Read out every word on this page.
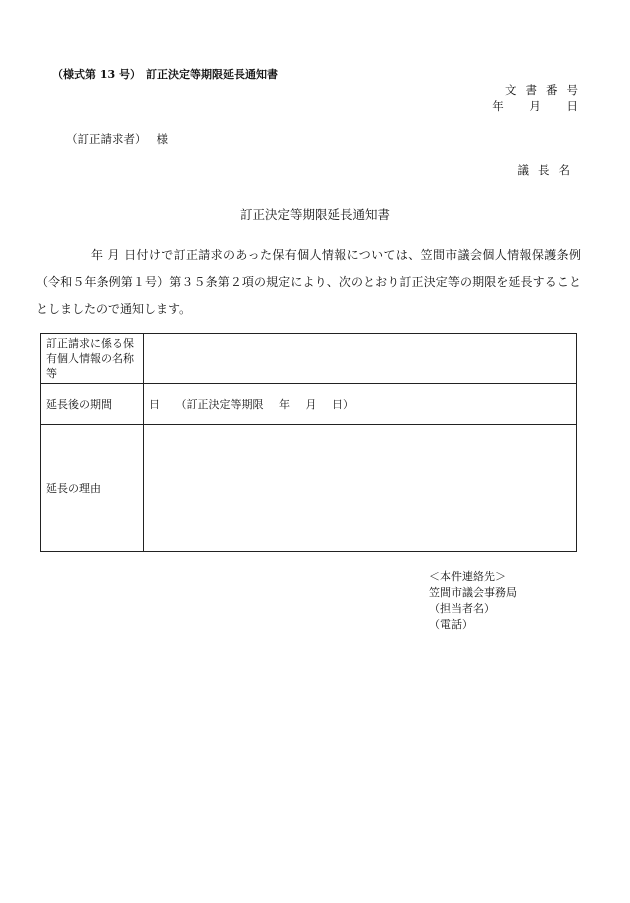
（様式第 13 号） 訂正決定等期限延長通知書
文書番号
年 月 日
（訂正請求者） 様
議長名
訂正決定等期限延長通知書
年 月 日付けで訂正請求のあった保有個人情報については、笠間市議会個人情報保護条例（令和５年条例第１号）第３５条第２項の規定により、次のとおり訂正決定等の期限を延長することとしましたので通知します。
訂正請求に係る保有個人情報の名称等	
延長後の期間	日 （訂正決定等期限 年 月 日）
延長の理由	
＜本件連絡先＞
笠間市議会事務局
（担当者名）
（電話）
